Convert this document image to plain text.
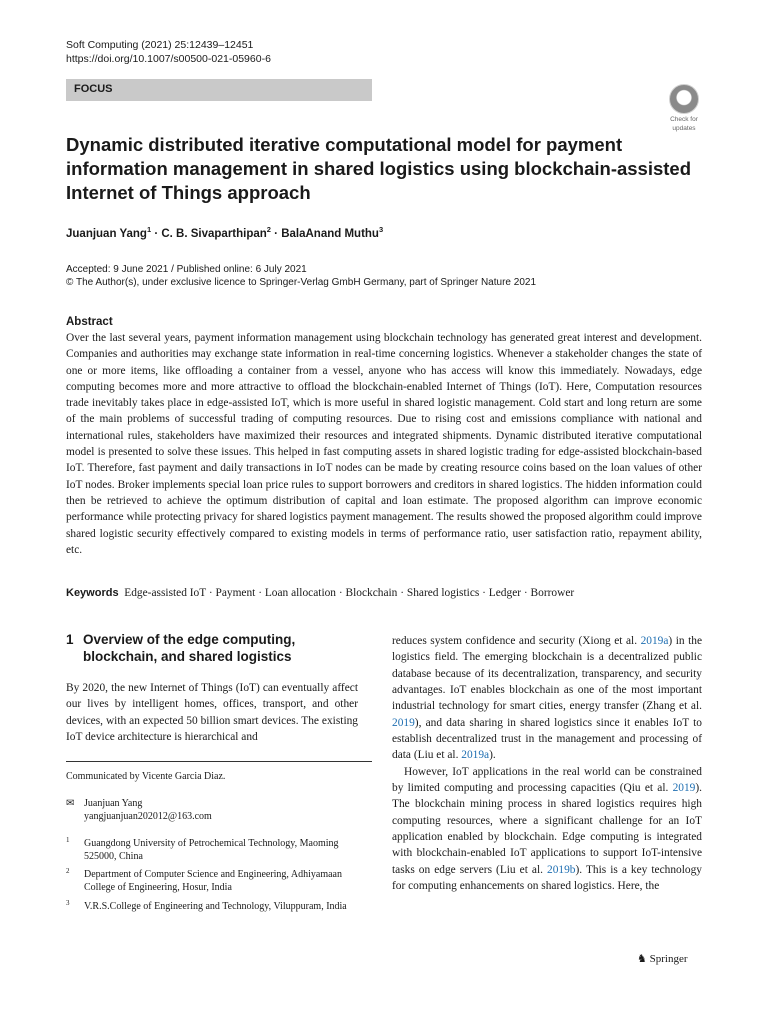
Soft Computing (2021) 25:12439–12451
https://doi.org/10.1007/s00500-021-05960-6
FOCUS
Check for
updates
Dynamic distributed iterative computational model for payment information management in shared logistics using blockchain-assisted Internet of Things approach
Juanjuan Yang$^1$ · C. B. Sivaparthipan$^2$ · BalaAnand Muthu$^3$
Accepted: 9 June 2021 / Published online: 6 July 2021
© The Author(s), under exclusive licence to Springer-Verlag GmbH Germany, part of Springer Nature 2021
Abstract

Over the last several years, payment information management using blockchain technology has generated great interest and development. Companies and authorities may exchange state information in real-time concerning logistics. Whenever a stakeholder changes the state of one or more items, like offloading a container from a vessel, anyone who has access will know this immediately. Nowadays, edge computing becomes more and more attractive to offload the blockchain-enabled Internet of Things (IoT). Here, Computation resources trade inevitably takes place in edge-assisted IoT, which is more useful in shared logistic management. Cold start and long return are some of the main problems of successful trading of computing resources. Due to rising cost and emissions compliance with national and international rules, stakeholders have maximized their resources and integrated shipments. Dynamic distributed iterative computational model is presented to solve these issues. This helped in fast computing assets in shared logistic trading for edge-assisted blockchain-based IoT. Therefore, fast payment and daily transactions in IoT nodes can be made by creating resource coins based on the loan values of other IoT nodes. Broker implements special loan price rules to support borrowers and creditors in shared logistics. The hidden information could then be retrieved to achieve the optimum distribution of capital and loan estimate. The proposed algorithm can improve economic performance while protecting privacy for shared logistics payment management. The results showed the proposed algorithm could improve shared logistic security effectively compared to existing models in terms of performance ratio, user satisfaction ratio, repayment ability, etc.

Keywords Edge-assisted IoT · Payment · Loan allocation · Blockchain · Shared logistics · Ledger · Borrower
1 Overview of the edge computing, blockchain, and shared logistics

By 2020, the new Internet of Things (IoT) can eventually affect our lives by intelligent homes, offices, transport, and other devices, with an expected 50 billion smart devices. The existing IoT device architecture is hierarchical and

Communicated by Vicente Garcia Diaz.
✉ Juanjuan Yang
yangjuanjuan202012@163.com
1	Guangdong University of Petrochemical Technology, Maoming 525000, China
2	Department of Computer Science and Engineering, Adhiyamaan College of Engineering, Hosur, India
3	V.R.S.College of Engineering and Technology, Viluppuram, India
reduces system confidence and security (Xiong et al. 2019a) in the logistics field. The emerging blockchain is a decentralized public database because of its decentralization, transparency, and security advantages. IoT enables blockchain as one of the most important industrial technology for smart cities, energy transfer (Zhang et al. 2019), and data sharing in shared logistics since it enables IoT to establish decentralized trust in the management and processing of data (Liu et al. 2019a).
However, IoT applications in the real world can be constrained by limited computing and processing capacities (Qiu et al. 2019). The blockchain mining process in shared logistics requires high computing resources, where a significant challenge for an IoT application enabled by blockchain. Edge computing is integrated with blockchain-enabled IoT applications to support IoT-intensive tasks on edge servers (Liu et al. 2019b). This is a key technology for computing enhancements on shared logistics. Here, the
♞ Springer
